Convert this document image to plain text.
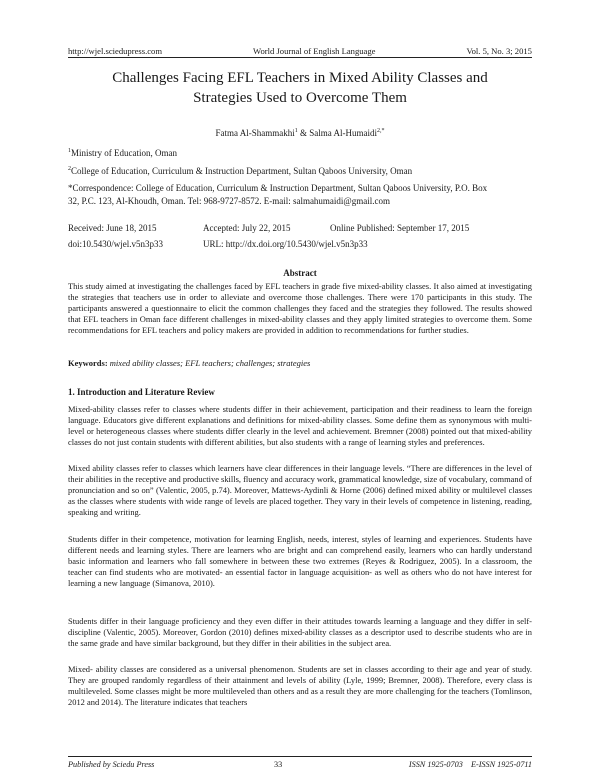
http://wjel.sciedupress.com	World Journal of English Language	Vol. 5, No. 3; 2015
Challenges Facing EFL Teachers in Mixed Ability Classes and
Strategies Used to Overcome Them
Fatma Al-Shammakhi$^1$ & Salma Al-Humaidi$^{2,*}$
$^1$Ministry of Education, Oman
$^2$College of Education, Curriculum & Instruction Department, Sultan Qaboos University, Oman
*Correspondence: College of Education, Curriculum & Instruction Department, Sultan Qaboos University, P.O. Box
32, P.C. 123, Al-Khoudh, Oman. Tel: 968-9727-8572. E-mail: salmahumaidi@gmail.com
Received: June 18, 2015	Accepted: July 22, 2015	Online Published: September 17, 2015
doi:10.5430/wjel.v5n3p33	URL: http://dx.doi.org/10.5430/wjel.v5n3p33
Abstract

This study aimed at investigating the challenges faced by EFL teachers in grade five mixed-ability classes. It also aimed at investigating the strategies that teachers use in order to alleviate and overcome those challenges. There were 170 participants in this study. The participants answered a questionnaire to elicit the common challenges they faced and the strategies they followed. The results showed that EFL teachers in Oman face different challenges in mixed-ability classes and they apply limited strategies to overcome them. Some recommendations for EFL teachers and policy makers are provided in addition to recommendations for further studies.

Keywords: mixed ability classes; EFL teachers; challenges; strategies
1. Introduction and Literature Review

Mixed-ability classes refer to classes where students differ in their achievement, participation and their readiness to learn the foreign language. Educators give different explanations and definitions for mixed-ability classes. Some define them as synonymous with multi-level or heterogeneous classes where students differ clearly in the level and achievement. Bremner (2008) pointed out that mixed-ability classes do not just contain students with different abilities, but also students with a range of learning styles and preferences.

Mixed ability classes refer to classes which learners have clear differences in their language levels. “There are differences in the level of their abilities in the receptive and productive skills, fluency and accuracy work, grammatical knowledge, size of vocabulary, command of pronunciation and so on” (Valentic, 2005, p.74). Moreover, Mattews-Aydinli & Horne (2006) defined mixed ability or multilevel classes as the classes where students with wide range of levels are placed together. They vary in their levels of competence in listening, reading, speaking and writing.

Students differ in their competence, motivation for learning English, needs, interest, styles of learning and experiences. Students have different needs and learning styles. There are learners who are bright and can comprehend easily, learners who can hardly understand basic information and learners who fall somewhere in between these two extremes (Reyes & Rodriguez, 2005). In a classroom, the teacher can find students who are motivated- an essential factor in language acquisition- as well as others who do not have interest for learning a new language (Simanova, 2010).

Students differ in their language proficiency and they even differ in their attitudes towards learning a language and they differ in self- discipline (Valentic, 2005). Moreover, Gordon (2010) defines mixed-ability classes as a descriptor used to describe students who are in the same grade and have similar background, but they differ in their abilities in the subject area.

Mixed- ability classes are considered as a universal phenomenon. Students are set in classes according to their age and year of study. They are grouped randomly regardless of their attainment and levels of ability (Lyle, 1999; Bremner, 2008). Therefore, every class is multileveled. Some classes might be more multileveled than others and as a result they are more challenging for the teachers (Tomlinson, 2012 and 2014). The literature indicates that teachers

Published by Sciedu Press	33	ISSN 1925-0703    E-ISSN 1925-0711
